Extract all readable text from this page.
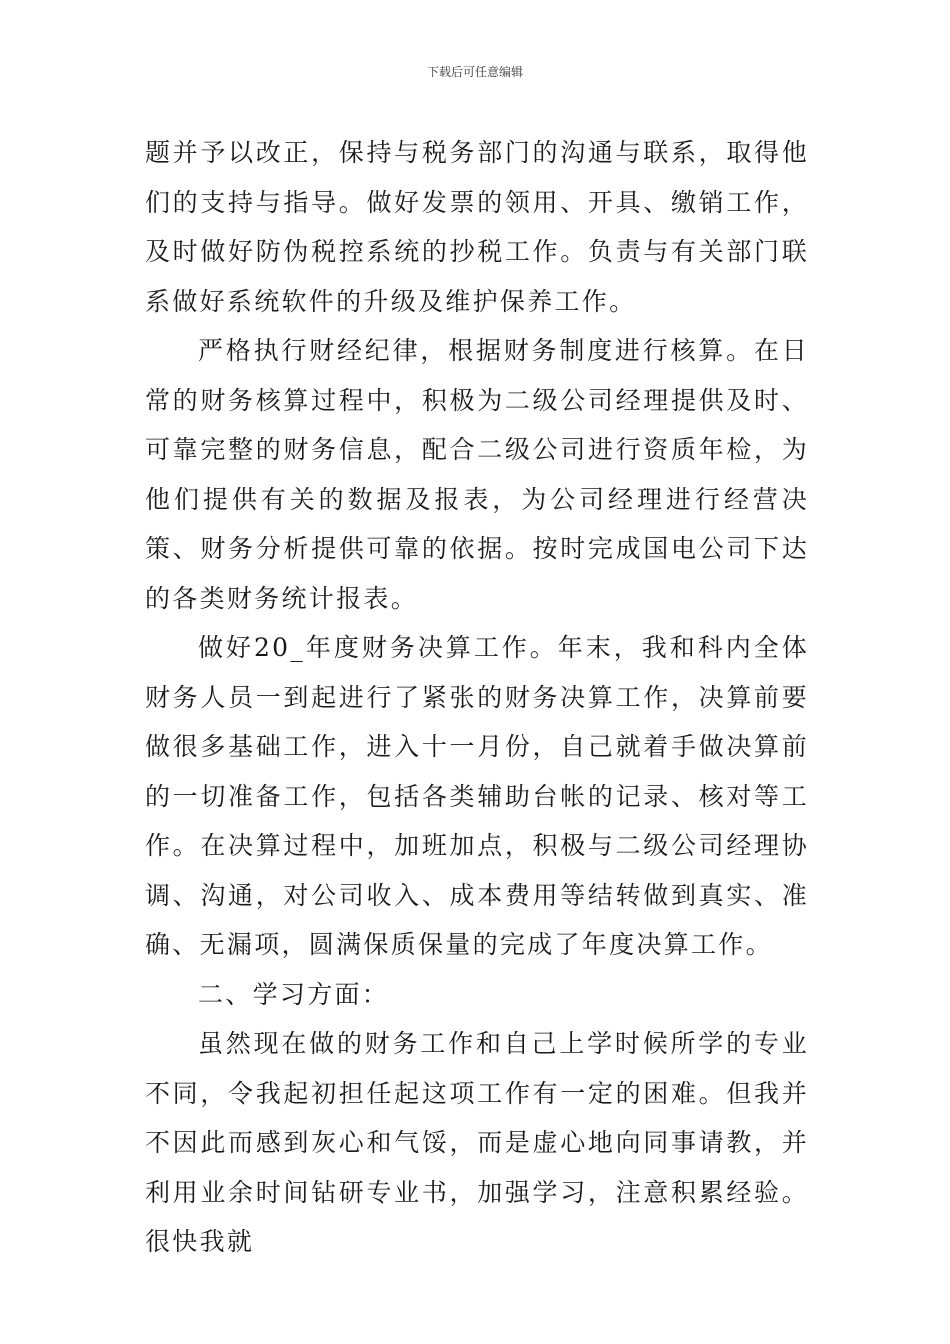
下载后可任意编辑

题并予以改正，保持与税务部门的沟通与联系，取得他们的支持与指导。做好发票的领用、开具、缴销工作，及时做好防伪税控系统的抄税工作。负责与有关部门联系做好系统软件的升级及维护保养工作。

严格执行财经纪律，根据财务制度进行核算。在日常的财务核算过程中，积极为二级公司经理提供及时、可靠完整的财务信息，配合二级公司进行资质年检，为他们提供有关的数据及报表，为公司经理进行经营决策、财务分析提供可靠的依据。按时完成国电公司下达的各类财务统计报表。

做好20_年度财务决算工作。年末，我和科内全体财务人员一到起进行了紧张的财务决算工作，决算前要做很多基础工作，进入十一月份，自己就着手做决算前的一切准备工作，包括各类辅助台帐的记录、核对等工作。在决算过程中，加班加点，积极与二级公司经理协调、沟通，对公司收入、成本费用等结转做到真实、准确、无漏项，圆满保质保量的完成了年度决算工作。

二、学习方面：

虽然现在做的财务工作和自己上学时候所学的专业不同，令我起初担任起这项工作有一定的困难。但我并不因此而感到灰心和气馁，而是虚心地向同事请教，并利用业余时间钻研专业书，加强学习，注意积累经验。很快我就
